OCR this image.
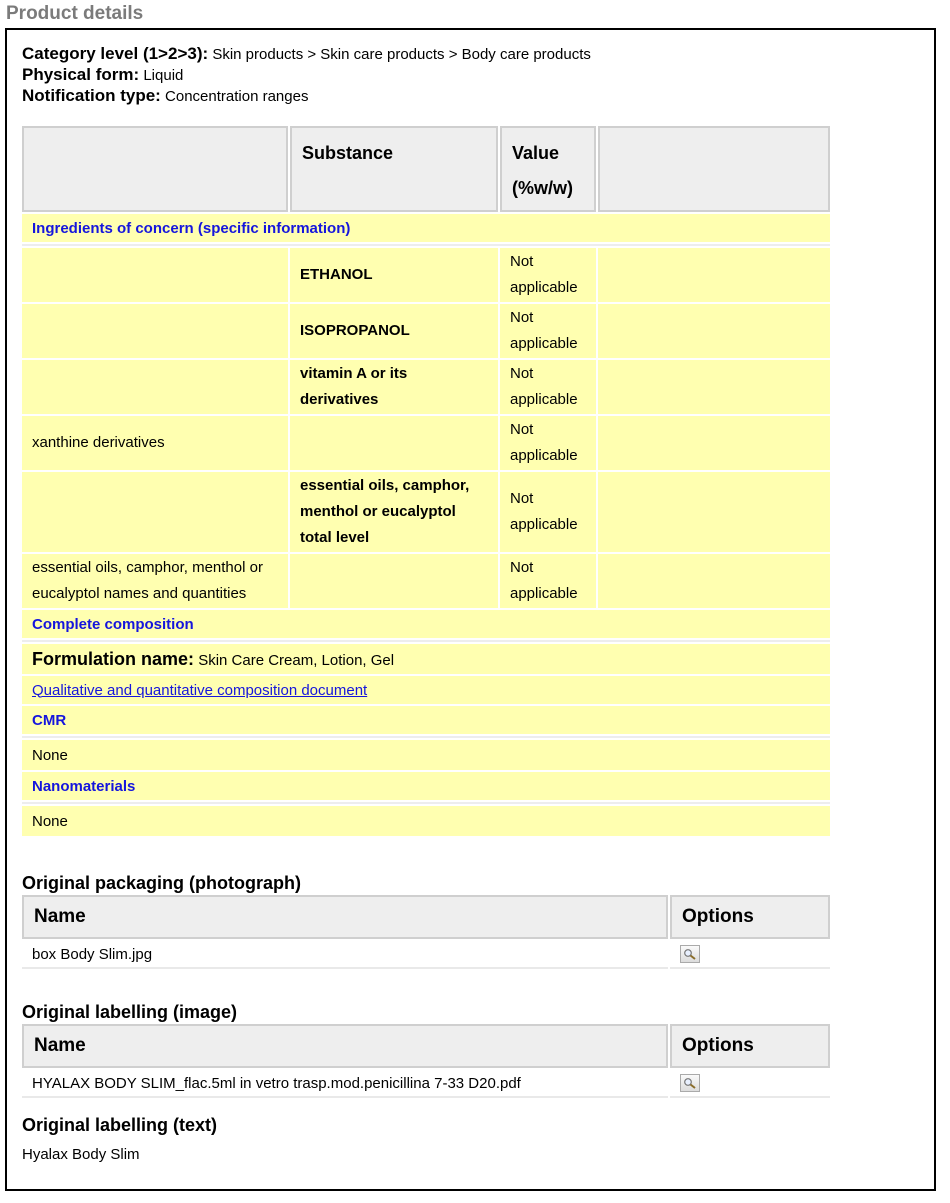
Product details
Category level (1>2>3): Skin products > Skin care products > Body care products
Physical form: Liquid
Notification type: Concentration ranges
	Substance	Value
(%w/w)	
Ingredients of concern (specific information)			

	ETHANOL	Not applicable	
	ISOPROPANOL	Not applicable	
	vitamin A or its derivatives	Not applicable	
xanthine derivatives		Not applicable	
	essential oils, camphor, menthol or eucalyptol total level	Not applicable	
essential oils, camphor, menthol or eucalyptol names and quantities		Not applicable	
Complete composition			

Formulation name: Skin Care Cream, Lotion, Gel			
Qualitative and quantitative composition document			
CMR			

None			
Nanomaterials			

None			
Original packaging (photograph)
Name	Options
box Body Slim.jpg	
Original labelling (image)
Name	Options
HYALAX BODY SLIM_flac.5ml in vetro trasp.mod.penicillina 7-33 D20.pdf	
Original labelling (text)
Hyalax Body Slim
